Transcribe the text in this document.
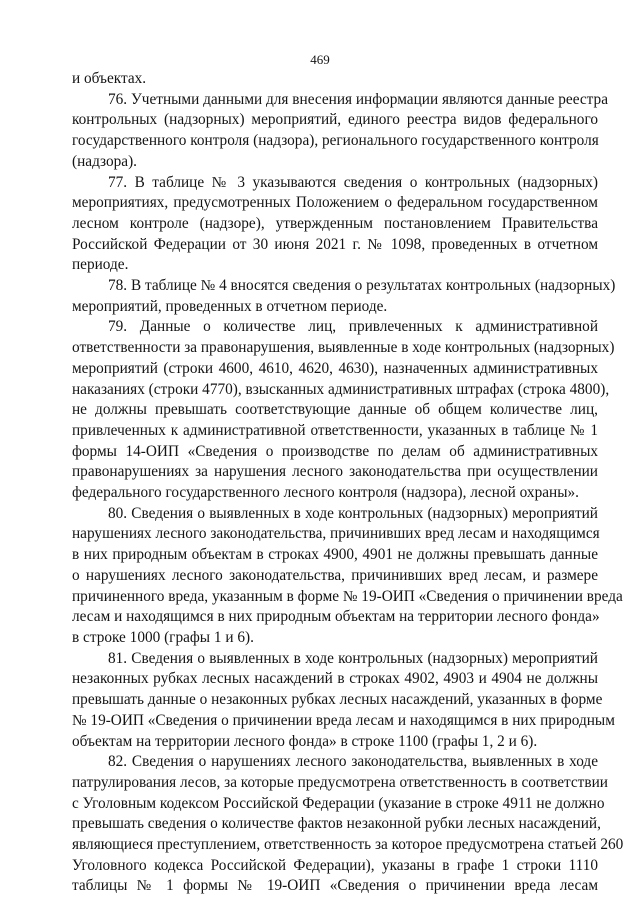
469
и объектах.
76. Учетными данными для внесения информации являются данные реестра
контрольных (надзорных) мероприятий, единого реестра видов федерального
государственного контроля (надзора), регионального государственного контроля
(надзора).
77. В таблице № 3 указываются сведения о контрольных (надзорных)
мероприятиях, предусмотренных Положением о федеральном государственном
лесном контроле (надзоре), утвержденным постановлением Правительства
Российской Федерации от 30 июня 2021 г. № 1098, проведенных в отчетном
периоде.
78. В таблице № 4 вносятся сведения о результатах контрольных (надзорных)
мероприятий, проведенных в отчетном периоде.
79. Данные о количестве лиц, привлеченных к административной
ответственности за правонарушения, выявленные в ходе контрольных (надзорных)
мероприятий (строки 4600, 4610, 4620, 4630), назначенных административных
наказаниях (строки 4770), взысканных административных штрафах (строка 4800),
не должны превышать соответствующие данные об общем количестве лиц,
привлеченных к административной ответственности, указанных в таблице № 1
формы 14-ОИП «Сведения о производстве по делам об административных
правонарушениях за нарушения лесного законодательства при осуществлении
федерального государственного лесного контроля (надзора), лесной охраны».
80. Сведения о выявленных в ходе контрольных (надзорных) мероприятий
нарушениях лесного законодательства, причинивших вред лесам и находящимся
в них природным объектам в строках 4900, 4901 не должны превышать данные
о нарушениях лесного законодательства, причинивших вред лесам, и размере
причиненного вреда, указанным в форме № 19-ОИП «Сведения о причинении вреда
лесам и находящимся в них природным объектам на территории лесного фонда»
в строке 1000 (графы 1 и 6).
81. Сведения о выявленных в ходе контрольных (надзорных) мероприятий
незаконных рубках лесных насаждений в строках 4902, 4903 и 4904 не должны
превышать данные о незаконных рубках лесных насаждений, указанных в форме
№ 19-ОИП «Сведения о причинении вреда лесам и находящимся в них природным
объектам на территории лесного фонда» в строке 1100 (графы 1, 2 и 6).
82. Сведения о нарушениях лесного законодательства, выявленных в ходе
патрулирования лесов, за которые предусмотрена ответственность в соответствии
с Уголовным кодексом Российской Федерации (указание в строке 4911 не должно
превышать сведения о количестве фактов незаконной рубки лесных насаждений,
являющиеся преступлением, ответственность за которое предусмотрена статьей 260
Уголовного кодекса Российской Федерации), указаны в графе 1 строки 1110
таблицы № 1 формы № 19-ОИП «Сведения о причинении вреда лесам
